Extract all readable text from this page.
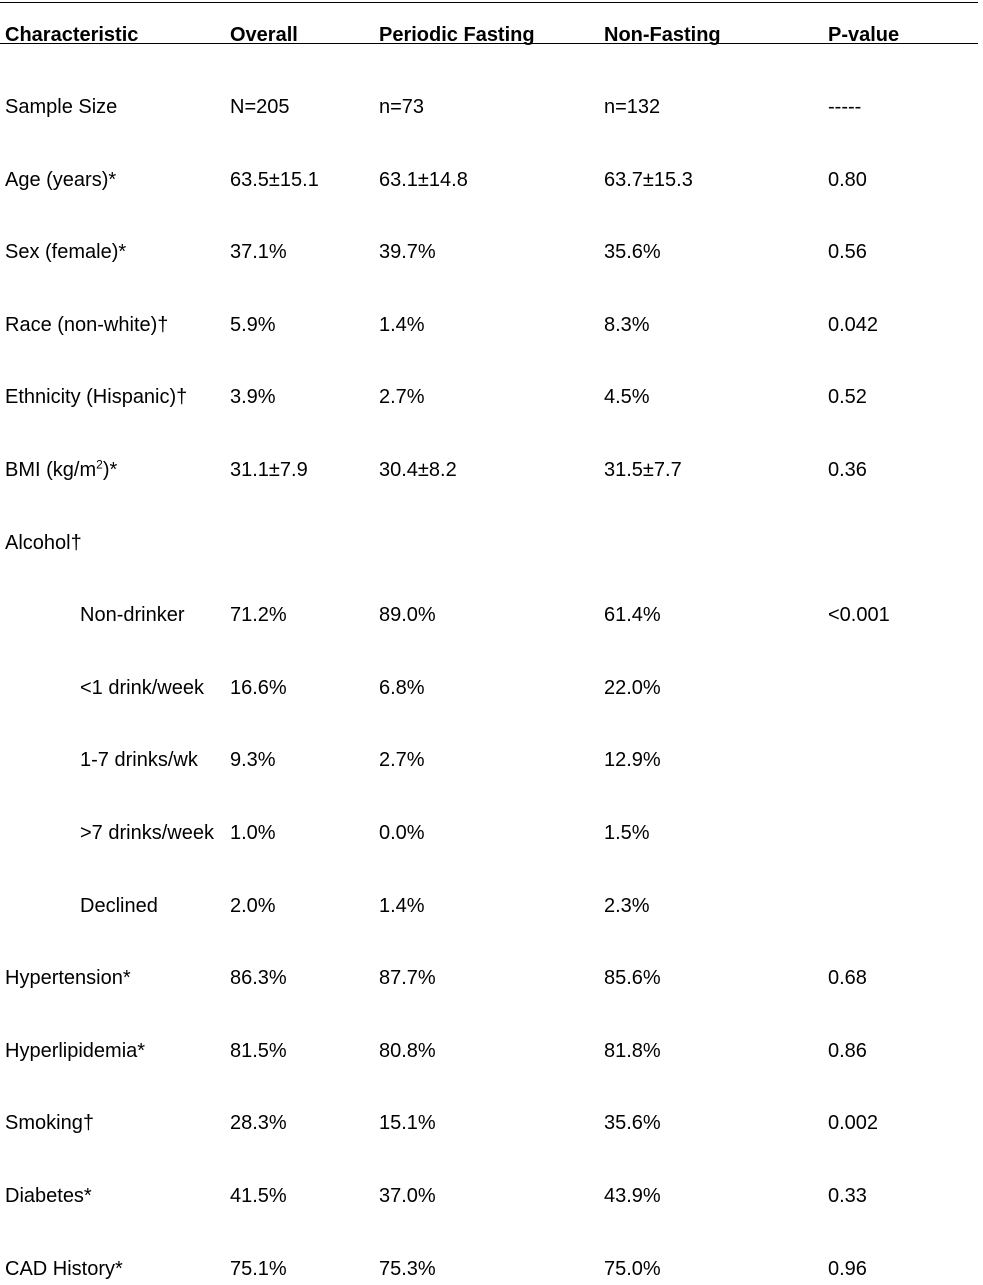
Characteristic	Overall	Periodic Fasting	Non-Fasting	P-value
Sample Size	N=205	n=73	n=132	-----
Age (years)*	63.5±15.1	63.1±14.8	63.7±15.3	0.80
Sex (female)*	37.1%	39.7%	35.6%	0.56
Race (non-white)†	5.9%	1.4%	8.3%	0.042
Ethnicity (Hispanic)† 3.9%	2.7%	4.5%	0.52
BMI $(kg/m^2)*$	31.1±7.9	30.4±8.2	31.5±7.7	0.36
Alcohol†
Non-drinker 71.2%	89.0%	61.4%	<0.001
<1 drink/week 16.6%	6.8%	22.0%
1-7 drinks/wk 9.3%	2.7%	12.9%
>7 drinks/week 1.0%	0.0%	1.5%
Declined	2.0%	1.4%	2.3%
Hypertension*	86.3%	87.7%	85.6%	0.68
Hyperlipidemia*	81.5%	80.8%	81.8%	0.86
Smoking†	28.3%	15.1%	35.6%	0.002
Diabetes*	41.5%	37.0%	43.9%	0.33
CAD History*	75.1%	75.3%	75.0%	0.96
